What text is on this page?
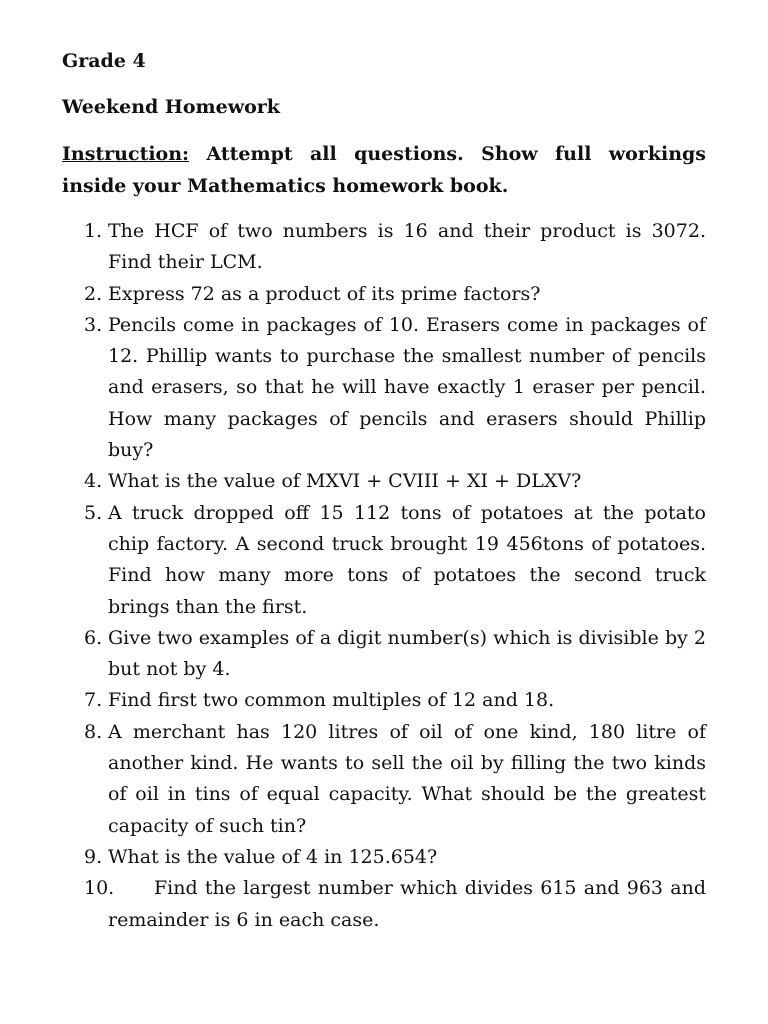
Grade 4
Weekend Homework
Instruction: Attempt all questions. Show full workings inside your Mathematics homework book.
1. The HCF of two numbers is 16 and their product is 3072. Find their LCM.
2. Express 72 as a product of its prime factors?
3. Pencils come in packages of 10. Erasers come in packages of 12. Phillip wants to purchase the smallest number of pencils and erasers, so that he will have exactly 1 eraser per pencil. How many packages of pencils and erasers should Phillip buy?
4. What is the value of MXVI + CVIII + XI + DLXV?
5. A truck dropped off 15 112 tons of potatoes at the potato chip factory. A second truck brought 19 456tons of potatoes. Find how many more tons of potatoes the second truck brings than the first.
6. Give two examples of a digit number(s) which is divisible by 2 but not by 4.
7. Find first two common multiples of 12 and 18.
8. A merchant has 120 litres of oil of one kind, 180 litre of another kind. He wants to sell the oil by filling the two kinds of oil in tins of equal capacity. What should be the greatest capacity of such tin?
9. What is the value of 4 in 125.654?
10. Find the largest number which divides 615 and 963 and remainder is 6 in each case.
